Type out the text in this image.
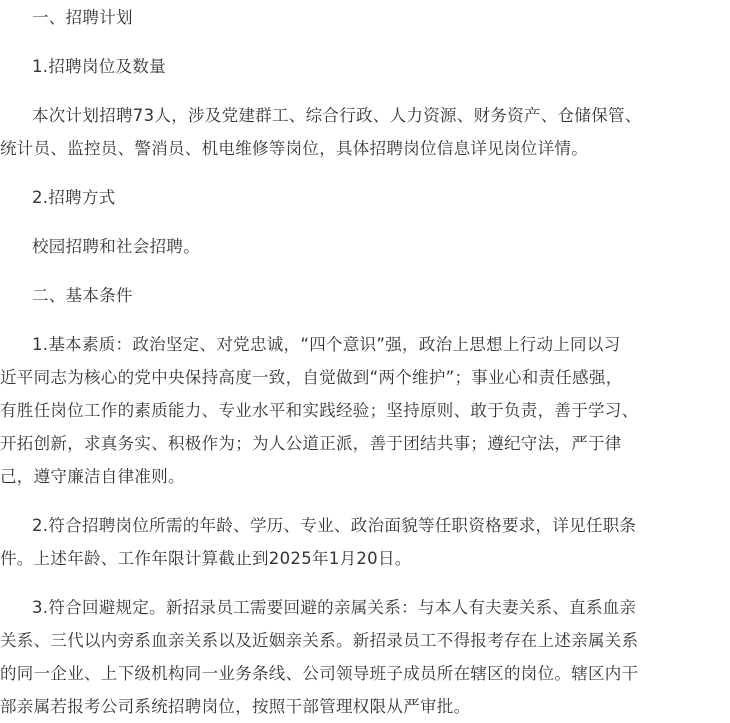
一、招聘计划

1.招聘岗位及数量

本次计划招聘73人，涉及党建群工、综合行政、人力资源、财务资产、仓储保管、

统计员、监控员、警消员、机电维修等岗位，具体招聘岗位信息详见岗位详情。

2.招聘方式

校园招聘和社会招聘。

二、基本条件

1.基本素质：政治坚定、对党忠诚，“四个意识”强，政治上思想上行动上同以习

近平同志为核心的党中央保持高度一致，自觉做到“两个维护”；事业心和责任感强，

有胜任岗位工作的素质能力、专业水平和实践经验；坚持原则、敢于负责，善于学习、

开拓创新，求真务实、积极作为；为人公道正派，善于团结共事；遵纪守法，严于律

己，遵守廉洁自律准则。

2.符合招聘岗位所需的年龄、学历、专业、政治面貌等任职资格要求，详见任职条

件。上述年龄、工作年限计算截止到2025年1月20日。

3.符合回避规定。新招录员工需要回避的亲属关系：与本人有夫妻关系、直系血亲

关系、三代以内旁系血亲关系以及近姻亲关系。新招录员工不得报考存在上述亲属关系

的同一企业、上下级机构同一业务条线、公司领导班子成员所在辖区的岗位。辖区内干

部亲属若报考公司系统招聘岗位，按照干部管理权限从严审批。
